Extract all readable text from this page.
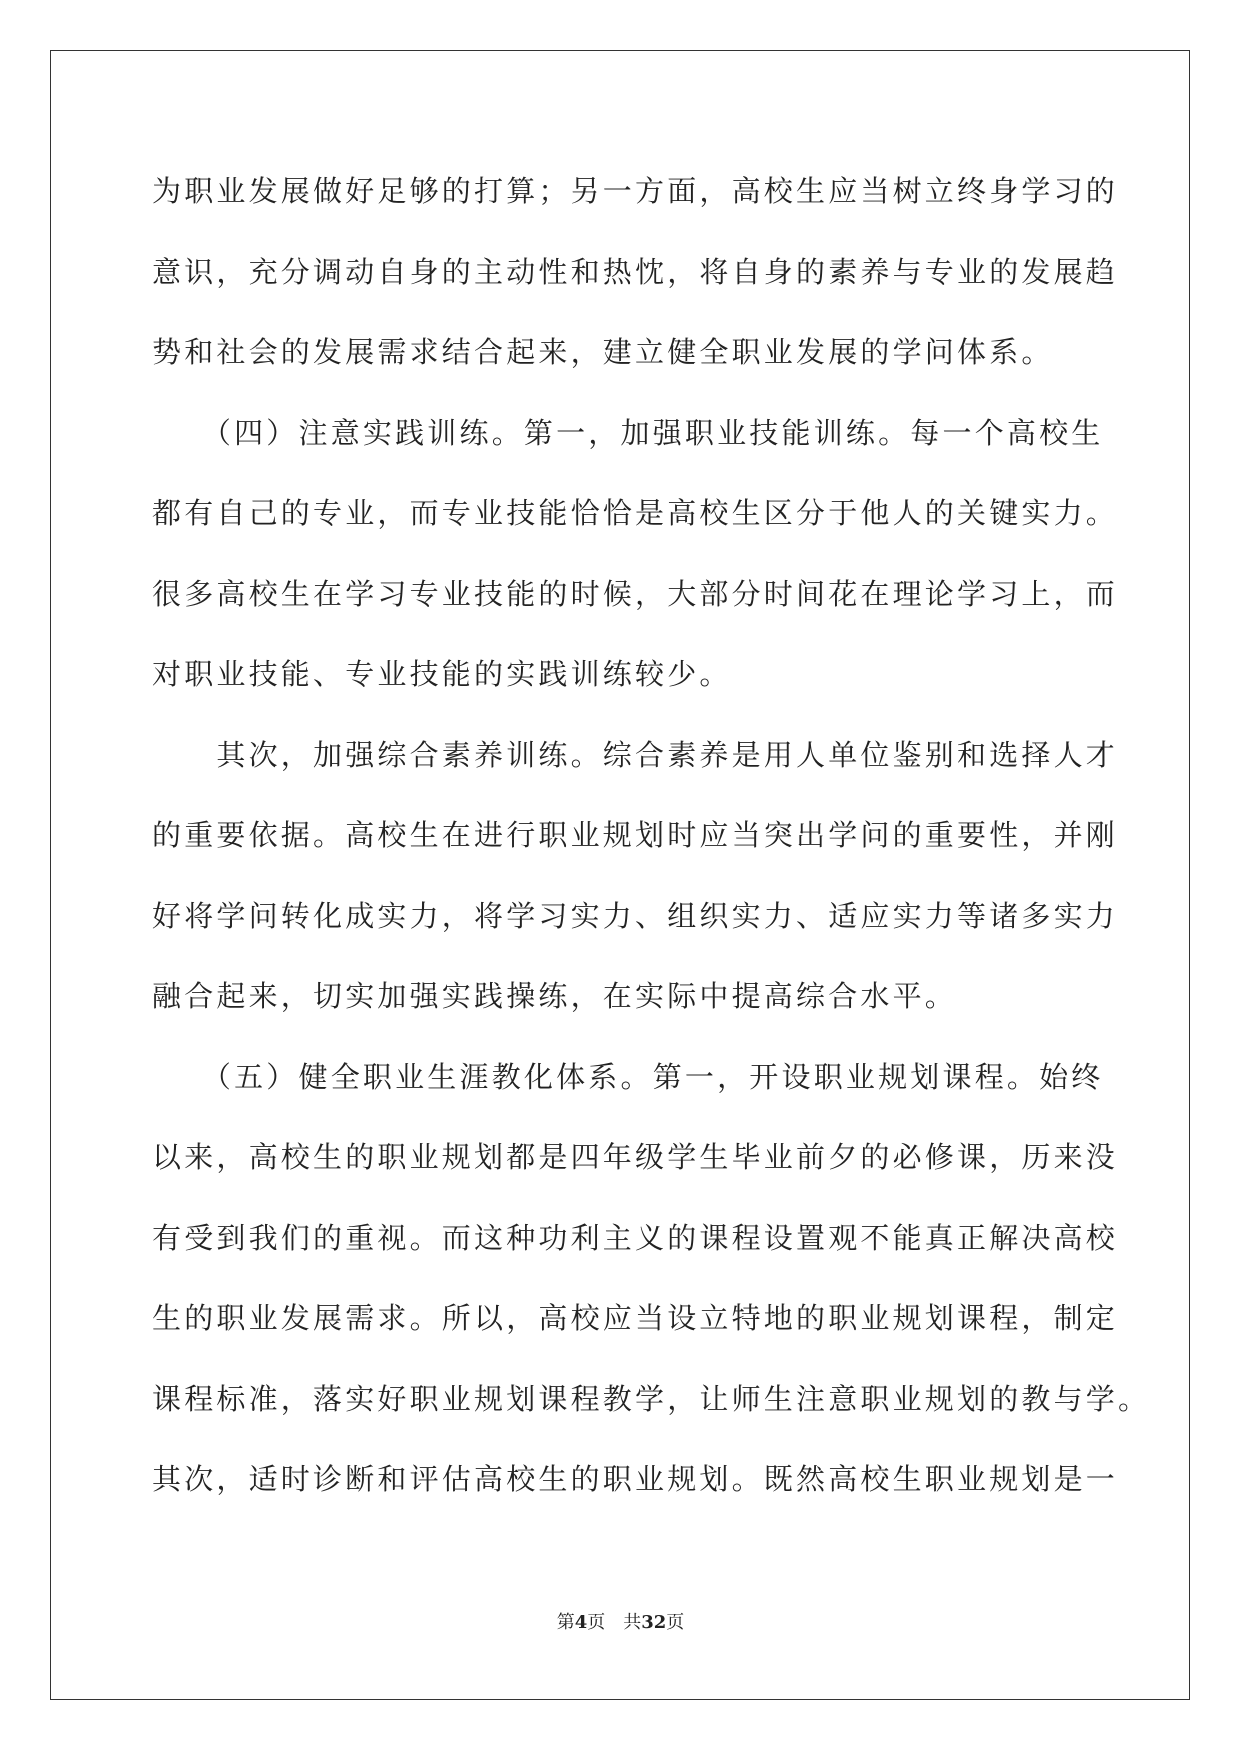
为职业发展做好足够的打算；另一方面，高校生应当树立终身学习的
意识，充分调动自身的主动性和热忱，将自身的素养与专业的发展趋
势和社会的发展需求结合起来，建立健全职业发展的学问体系。
　　（四）注意实践训练。第一，加强职业技能训练。每一个高校生
都有自己的专业，而专业技能恰恰是高校生区分于他人的关键实力。
很多高校生在学习专业技能的时候，大部分时间花在理论学习上，而
对职业技能、专业技能的实践训练较少。
　　其次，加强综合素养训练。综合素养是用人单位鉴别和选择人才
的重要依据。高校生在进行职业规划时应当突出学问的重要性，并刚
好将学问转化成实力，将学习实力、组织实力、适应实力等诸多实力
融合起来，切实加强实践操练，在实际中提高综合水平。
　　（五）健全职业生涯教化体系。第一，开设职业规划课程。始终
以来，高校生的职业规划都是四年级学生毕业前夕的必修课，历来没
有受到我们的重视。而这种功利主义的课程设置观不能真正解决高校
生的职业发展需求。所以，高校应当设立特地的职业规划课程，制定
课程标准，落实好职业规划课程教学，让师生注意职业规划的教与学。
其次，适时诊断和评估高校生的职业规划。既然高校生职业规划是一
第4页　共32页
